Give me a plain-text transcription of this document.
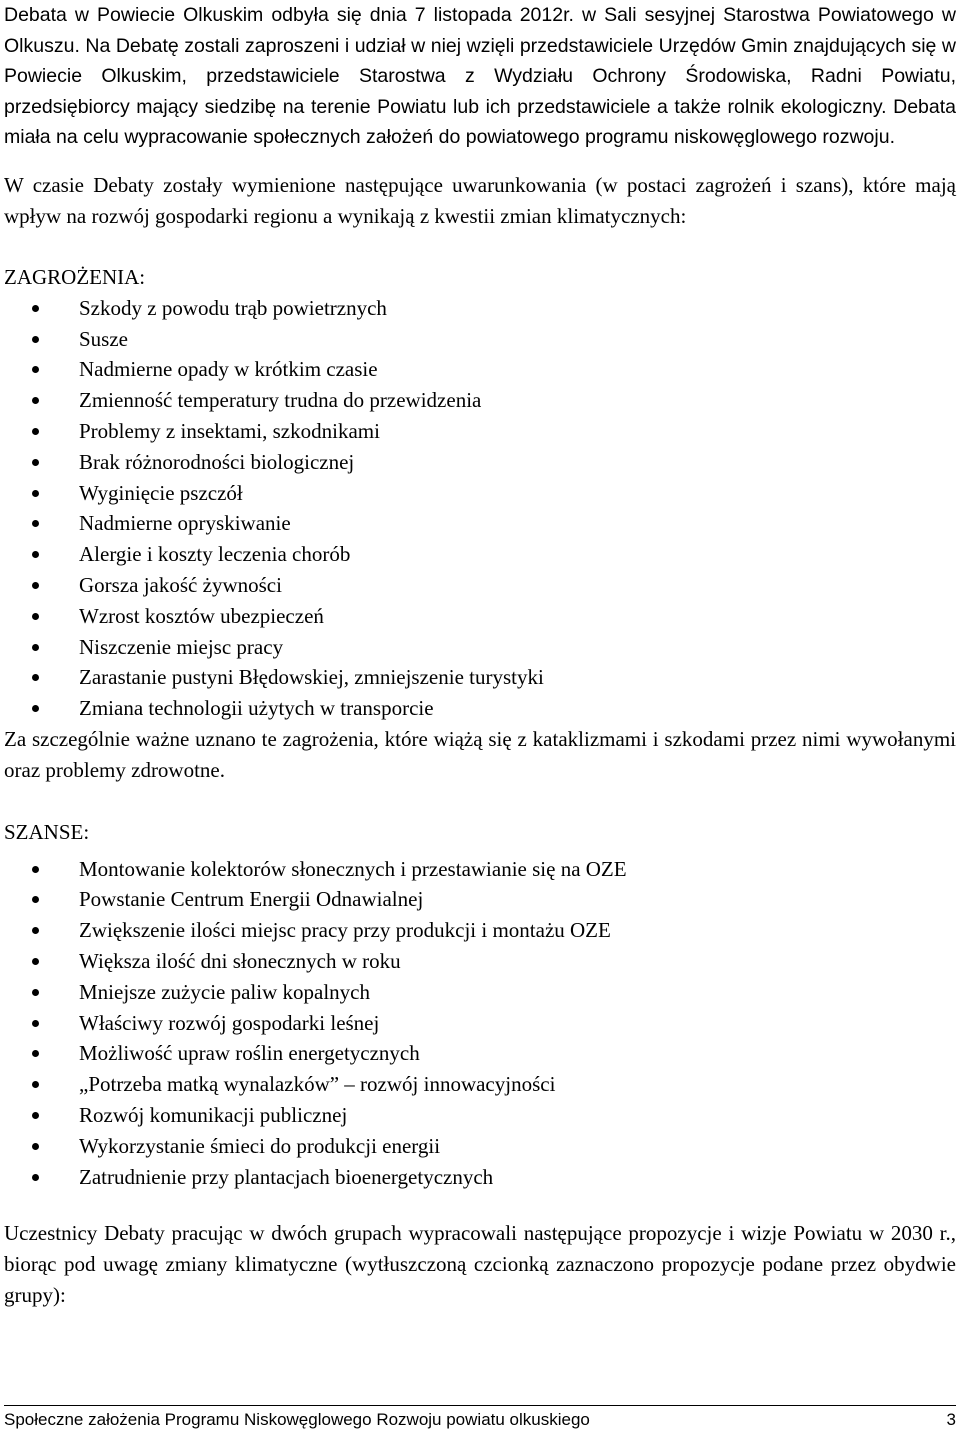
Debata w Powiecie Olkuskim odbyła się dnia 7 listopada 2012r. w Sali sesyjnej Starostwa Powiatowego w Olkuszu. Na Debatę zostali zaproszeni i udział w niej wzięli przedstawiciele Urzędów Gmin znajdujących się w Powiecie Olkuskim, przedstawiciele Starostwa z Wydziału Ochrony Środowiska, Radni Powiatu, przedsiębiorcy mający siedzibę na terenie Powiatu lub ich przedstawiciele a także rolnik ekologiczny. Debata miała na celu wypracowanie społecznych założeń do powiatowego programu niskowęglowego rozwoju.

W czasie Debaty zostały wymienione następujące uwarunkowania (w postaci zagrożeń i szans), które mają wpływ na rozwój gospodarki regionu a wynikają z kwestii zmian klimatycznych:

ZAGROŻENIA:

Szkody z powodu trąb powietrznych
Susze
Nadmierne opady w krótkim czasie
Zmienność temperatury trudna do przewidzenia
Problemy z insektami, szkodnikami
Brak różnorodności biologicznej
Wyginięcie pszczół
Nadmierne opryskiwanie
Alergie i koszty leczenia chorób
Gorsza jakość żywności
Wzrost kosztów ubezpieczeń
Niszczenie miejsc pracy
Zarastanie pustyni Błędowskiej, zmniejszenie turystyki
Zmiana technologii użytych w transporcie

Za szczególnie ważne uznano te zagrożenia, które wiążą się z kataklizmami i szkodami przez nimi wywołanymi oraz problemy zdrowotne.

SZANSE:

Montowanie kolektorów słonecznych i przestawianie się na OZE
Powstanie Centrum Energii Odnawialnej
Zwiększenie ilości miejsc pracy przy produkcji i montażu OZE
Większa ilość dni słonecznych w roku
Mniejsze zużycie paliw kopalnych
Właściwy rozwój gospodarki leśnej
Możliwość upraw roślin energetycznych
„Potrzeba matką wynalazków” – rozwój innowacyjności
Rozwój komunikacji publicznej
Wykorzystanie śmieci do produkcji energii
Zatrudnienie przy plantacjach bioenergetycznych

Uczestnicy Debaty pracując w dwóch grupach wypracowali następujące propozycje i wizje Powiatu w 2030 r., biorąc pod uwagę zmiany klimatyczne (wytłuszczoną czcionką zaznaczono propozycje podane przez obydwie grupy):

Społeczne założenia Programu Niskowęglowego Rozwoju powiatu olkuskiego	3
